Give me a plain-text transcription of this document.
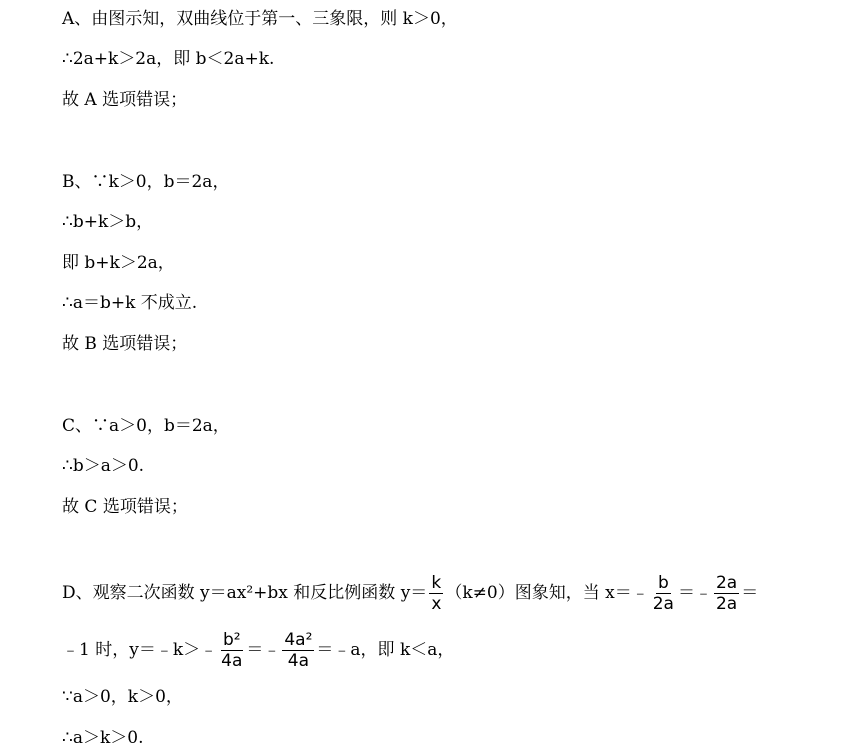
A、由图示知，双曲线位于第一、三象限，则 k＞0，
∴2a+k＞2a，即 b＜2a+k.
故 A 选项错误；
B、∵k＞0，b＝2a，
∴b+k＞b，
即 b+k＞2a，
∴a＝b+k 不成立.
故 B 选项错误；
C、∵a＞0，b＝2a，
∴b＞a＞0.
故 C 选项错误；
D、观察二次函数 y＝ax²+bx 和反比例函数 $y= \frac{k}{x} (k\ne 0)$图象知，当 x＝﹣ $\frac{b}{2a}$ ＝﹣ $\frac{2a}{2a}$ ＝
﹣1 时，y＝﹣k＞﹣ $\frac{\text{b²}}{4a}$ ＝﹣ $\frac{\text{4a²}}{4a}$ ＝﹣a，即 k＜a，
∵a＞0，k＞0，
∴a＞k＞0.
